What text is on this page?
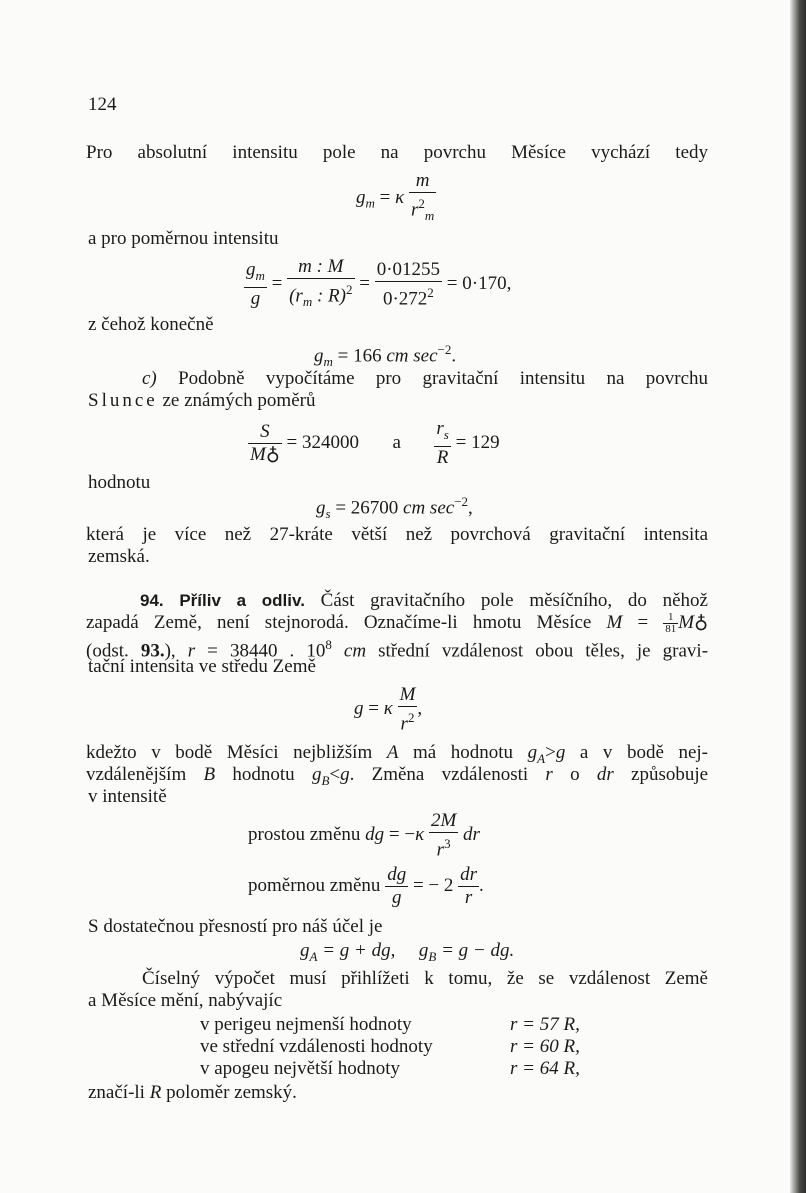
124
Pro absolutní intensitu pole na povrchu Měsíce vychází tedy
$g_m = \kappa \frac{m}{r^2_m}$
a pro poměrnou intensitu
$\frac{g_m}{g} = \frac{m : M}{(r_m : R)^2} = \frac{0\cdot 01255}{0\cdot 272^2} = 0\cdot 170$,
z čehož konečně
$g_m = 166$ cm $\sec^{-2}$.
c) Podobně vypočítáme pro gravitační intensitu na povrchu
Slunce ze známých poměrů
$\frac{S}{M♁} = 324000$ a $\frac{r_s}{R} = 129$
hodnotu
$g_s = 26700$ cm $\sec^{-2}$,
která je více než 27-kráte větší než povrchová gravitační intensita
zemská.
94. Příliv a odliv. Část gravitačního pole měsíčního, do něhož
zapadá Země, není stejnorodá. Označíme-li hmotu Měsíce $M = \frac{1}{81}$ M♁
(odst. 93.), r = 38440 . $10^8$ cm střední vzdálenost obou těles, je gravi-
tační intensita ve středu Země
g = κ $\frac{M}{r^2}$ ,
kdežto v bodě Měsíci nejbližším A má hodnotu $g_A>g$ a v bodě nej-
vzdálenějším B hodnotu $g_B<g$. Změna vzdálenosti r o dr způsobuje
v intensitě
prostou změnu dg = $-\kappa \frac{2M}{r^3}$ dr
poměrnou změnu $\frac{dg}{g}$ = − $2 \frac{dr}{r}$ .
S dostatečnou přesností pro náš účel je
$g_A = g$ + dg, $g_B = g$ − dg.
Číselný výpočet musí přihlížeti k tomu, že se vzdálenost Země
a Měsíce mění, nabývajíc
v perigeu nejmenší hodnoty	r = 57 R,
ve střední vzdálenosti hodnoty	r = 60 R,
v apogeu největší hodnoty	r = 64 R,
značí-li R poloměr zemský.
